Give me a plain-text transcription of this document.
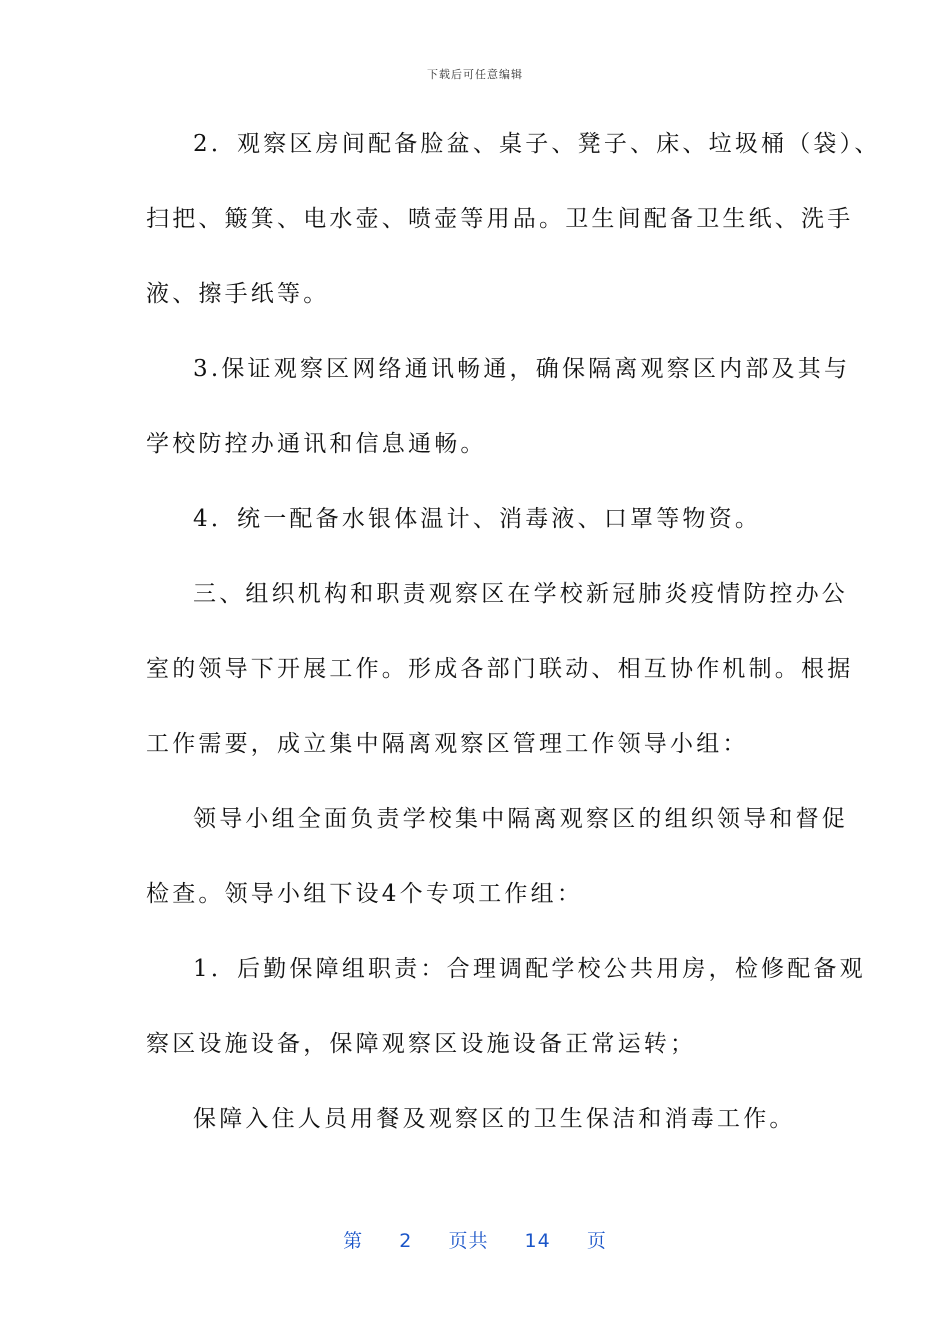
下载后可任意编辑
2．观察区房间配备脸盆、桌子、凳子、床、垃圾桶（袋）、
扫把、簸箕、电水壶、喷壶等用品。卫生间配备卫生纸、洗手
液、擦手纸等。
3.保证观察区网络通讯畅通，确保隔离观察区内部及其与
学校防控办通讯和信息通畅。
4．统一配备水银体温计、消毒液、口罩等物资。
三、组织机构和职责观察区在学校新冠肺炎疫情防控办公
室的领导下开展工作。形成各部门联动、相互协作机制。根据
工作需要，成立集中隔离观察区管理工作领导小组：
领导小组全面负责学校集中隔离观察区的组织领导和督促
检查。领导小组下设4个专项工作组：
1．后勤保障组职责：合理调配学校公共用房，检修配备观
察区设施设备，保障观察区设施设备正常运转；
保障入住人员用餐及观察区的卫生保洁和消毒工作。
第 2 页共 14 页
